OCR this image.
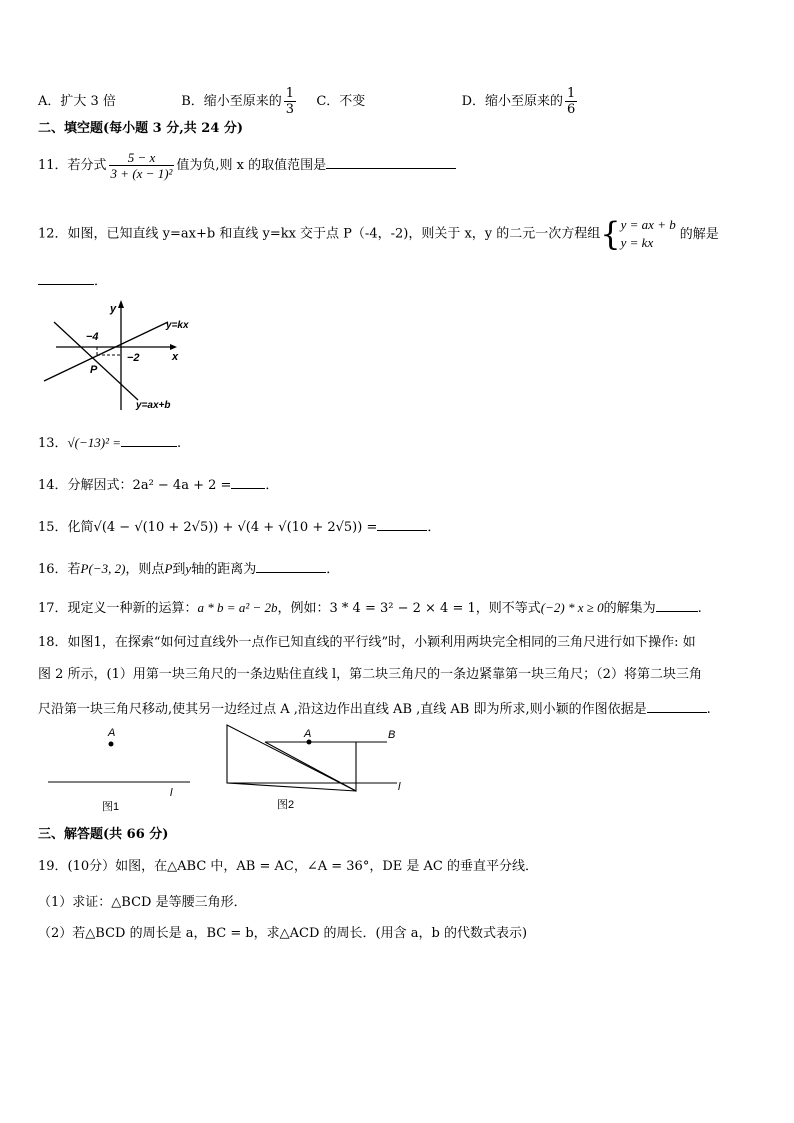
A．扩大 3 倍	B．缩小至原来的 $\frac{1}{3}$ C．不变	D．缩小至原来的 $\frac{1}{6}$
二、填空题(每小题 3 分,共 24 分)
11．若分式 $\frac{5 - x}{\text{3 + (x − 1)²}}$ 值为负,则 x 的取值范围是
12．如图，已知直线 y=ax+b 和直线 y=kx 交于点 P（-4，-2)，则关于 x，y 的二元一次方程组{ y = ax + b
y = kx
的解是
．
y
x
−4
−2
P
y=kx
y=ax+b
13．√(−13)² =	.
14．分解因式：2a² − 4a + 2 =	．
15．化简√(4 − √(10 + 2√5)) + √(4 + √(10 + 2√5)) =	．
16．若P(−3, 2)，则点P到y轴的距离为	．
17．现定义一种新的运算：a * b = a² − 2b，例如：3 * 4 = 3² − 2 × 4 = 1，则不等式(−2) * x ≥ 0的解集为	.
18．如图1，在探索“如何过直线外一点作已知直线的平行线”时，小颖利用两块完全相同的三角尺进行如下操作: 如
图 2 所示，(1）用第一块三角尺的一条边贴住直线 l，第二块三角尺的一条边紧靠第一块三角尺；（2）将第二块三角
尺沿第一块三角尺移动,使其另一边经过点 A ,沿这边作出直线 AB ,直线 AB 即为所求,则小颖的作图依据是	.
A
l
图1
A	B
l
图2
三、解答题(共 66 分)
19．(10分）如图，在△ABC 中，AB = AC，∠A = 36°，DE 是 AC 的垂直平分线．
（1）求证：△BCD 是等腰三角形．
（2）若△BCD 的周长是 a，BC = b，求△ACD 的周长．(用含 a，b 的代数式表示)
